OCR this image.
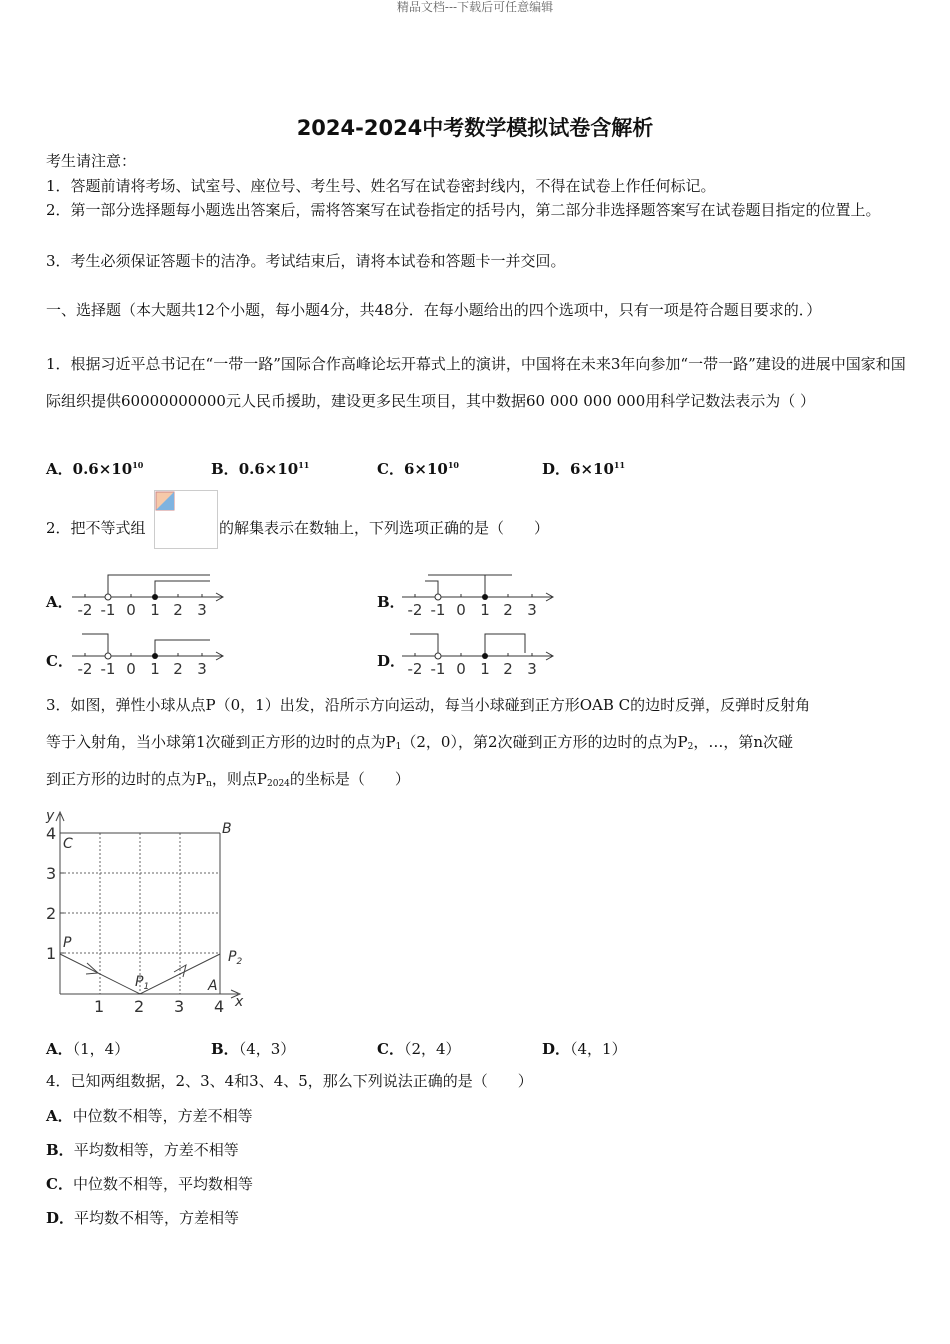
精品文档---下载后可任意编辑
2024-2024中考数学模拟试卷含解析
考生请注意：
1．答题前请将考场、试室号、座位号、考生号、姓名写在试卷密封线内，不得在试卷上作任何标记。
2．第一部分选择题每小题选出答案后，需将答案写在试卷指定的括号内，第二部分非选择题答案写在试卷题目指定的位置上。
3．考生必须保证答题卡的洁净。考试结束后，请将本试卷和答题卡一并交回。
一、选择题（本大题共12个小题，每小题4分，共48分．在每小题给出的四个选项中，只有一项是符合题目要求的．）
1．根据习近平总书记在“一带一路”国际合作高峰论坛开幕式上的演讲，中国将在未来3年向参加“一带一路”建设的进展中国家和国际组织提供60000000000元人民币援助，建设更多民生项目，其中数据60 000 000 000用科学记数法表示为（ ）
A．$0.6\times 10^{10}$	B．$0.6\times 10^{11}$	C．$6\times 10^{10}$	D．$6\times 10^{11}$
2．把不等式组	的解集表示在数轴上，下列选项正确的是（　　）
A．	B．
C．	D．
-2 -1 0 1 2 3	-2 -1 0 1 2 3
-2 -1 0 1 2 3	-2 -1 0 1 2 3
3．如图，弹性小球从点P（0，1）出发，沿所示方向运动，每当小球碰到正方形OAB C的边时反弹，反弹时反射角
等于入射角，当小球第1次碰到正方形的边时的点为$P_1(2$，0），第2次碰到正方形的边时的点为$P_2$，…，第n次碰
到正方形的边时的点为$P_n$，则点$P_{2024}$的坐标是（　　）
1
2
3
4
1 2 3 4
y
x
C
B
P
$P_1$
$P_2$
A
A．（1，4）	B．（4，3）	C．（2，4）	D．（4，1）
4．已知两组数据，2、3、4和3、4、5，那么下列说法正确的是（　　）
A．中位数不相等，方差不相等
B．平均数相等，方差不相等
C．中位数不相等，平均数相等
D．平均数不相等，方差相等
